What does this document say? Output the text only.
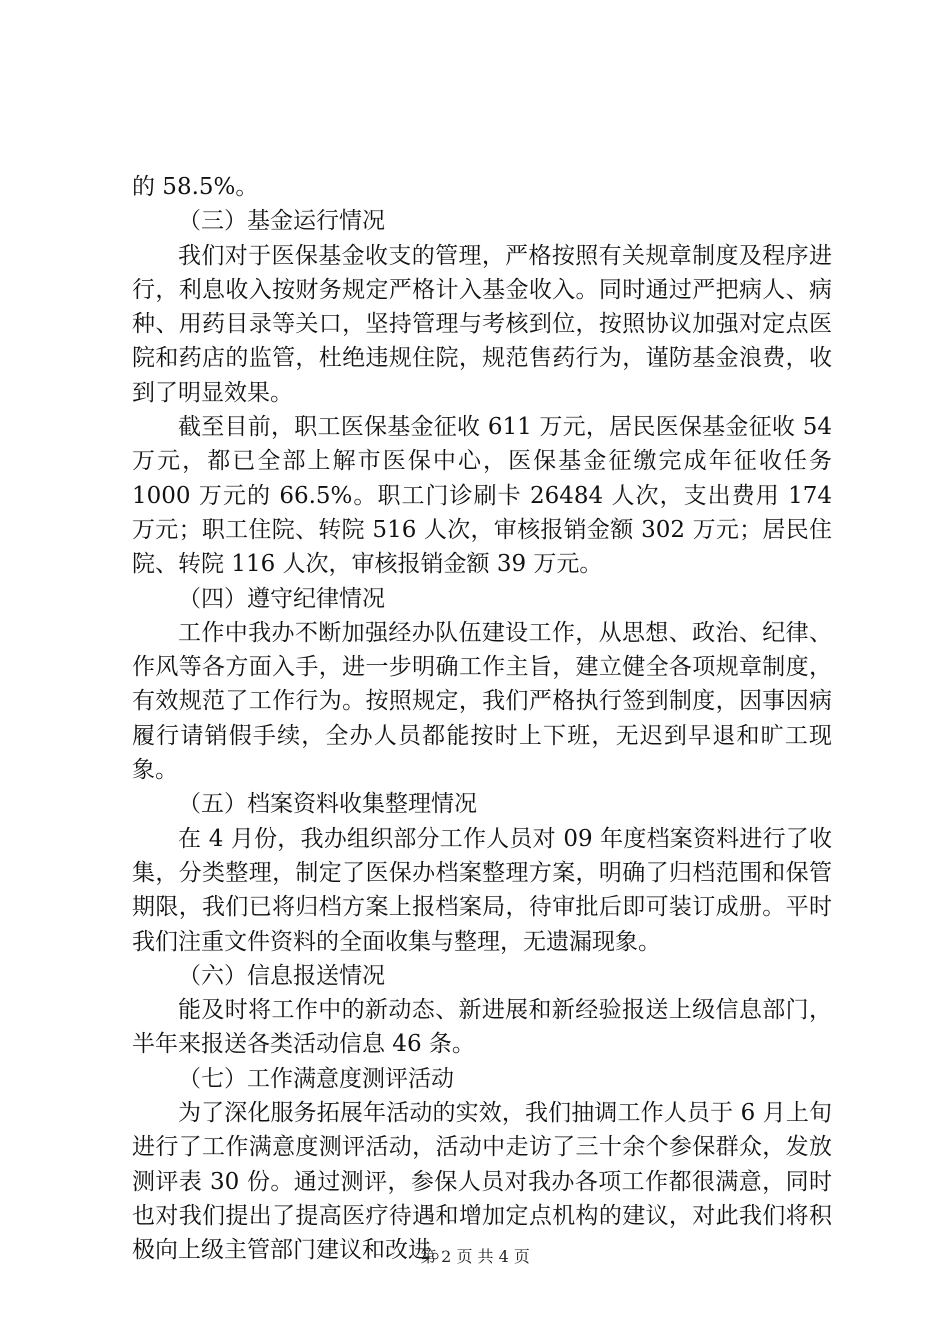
的 58.5%。

（三）基金运行情况

我们对于医保基金收支的管理，严格按照有关规章制度及程序进行，利息收入按财务规定严格计入基金收入。同时通过严把病人、病种、用药目录等关口，坚持管理与考核到位，按照协议加强对定点医院和药店的监管，杜绝违规住院，规范售药行为，谨防基金浪费，收到了明显效果。

截至目前，职工医保基金征收 611 万元，居民医保基金征收 54 万元，都已全部上解市医保中心，医保基金征缴完成年征收任务 1000 万元的 66.5%。职工门诊刷卡 26484 人次，支出费用 174 万元；职工住院、转院 516 人次，审核报销金额 302 万元；居民住院、转院 116 人次，审核报销金额 39 万元。

（四）遵守纪律情况

工作中我办不断加强经办队伍建设工作，从思想、政治、纪律、作风等各方面入手，进一步明确工作主旨，建立健全各项规章制度，有效规范了工作行为。按照规定，我们严格执行签到制度，因事因病履行请销假手续，全办人员都能按时上下班，无迟到早退和旷工现象。

（五）档案资料收集整理情况

在 4 月份，我办组织部分工作人员对 09 年度档案资料进行了收集，分类整理，制定了医保办档案整理方案，明确了归档范围和保管期限，我们已将归档方案上报档案局，待审批后即可装订成册。平时我们注重文件资料的全面收集与整理，无遗漏现象。

（六）信息报送情况

能及时将工作中的新动态、新进展和新经验报送上级信息部门，半年来报送各类活动信息 46 条。

（七）工作满意度测评活动

为了深化服务拓展年活动的实效，我们抽调工作人员于 6 月上旬进行了工作满意度测评活动，活动中走访了三十余个参保群众，发放测评表 30 份。通过测评，参保人员对我办各项工作都很满意，同时也对我们提出了提高医疗待遇和增加定点机构的建议，对此我们将积极向上级主管部门建议和改进。

第 2 页 共 4 页
